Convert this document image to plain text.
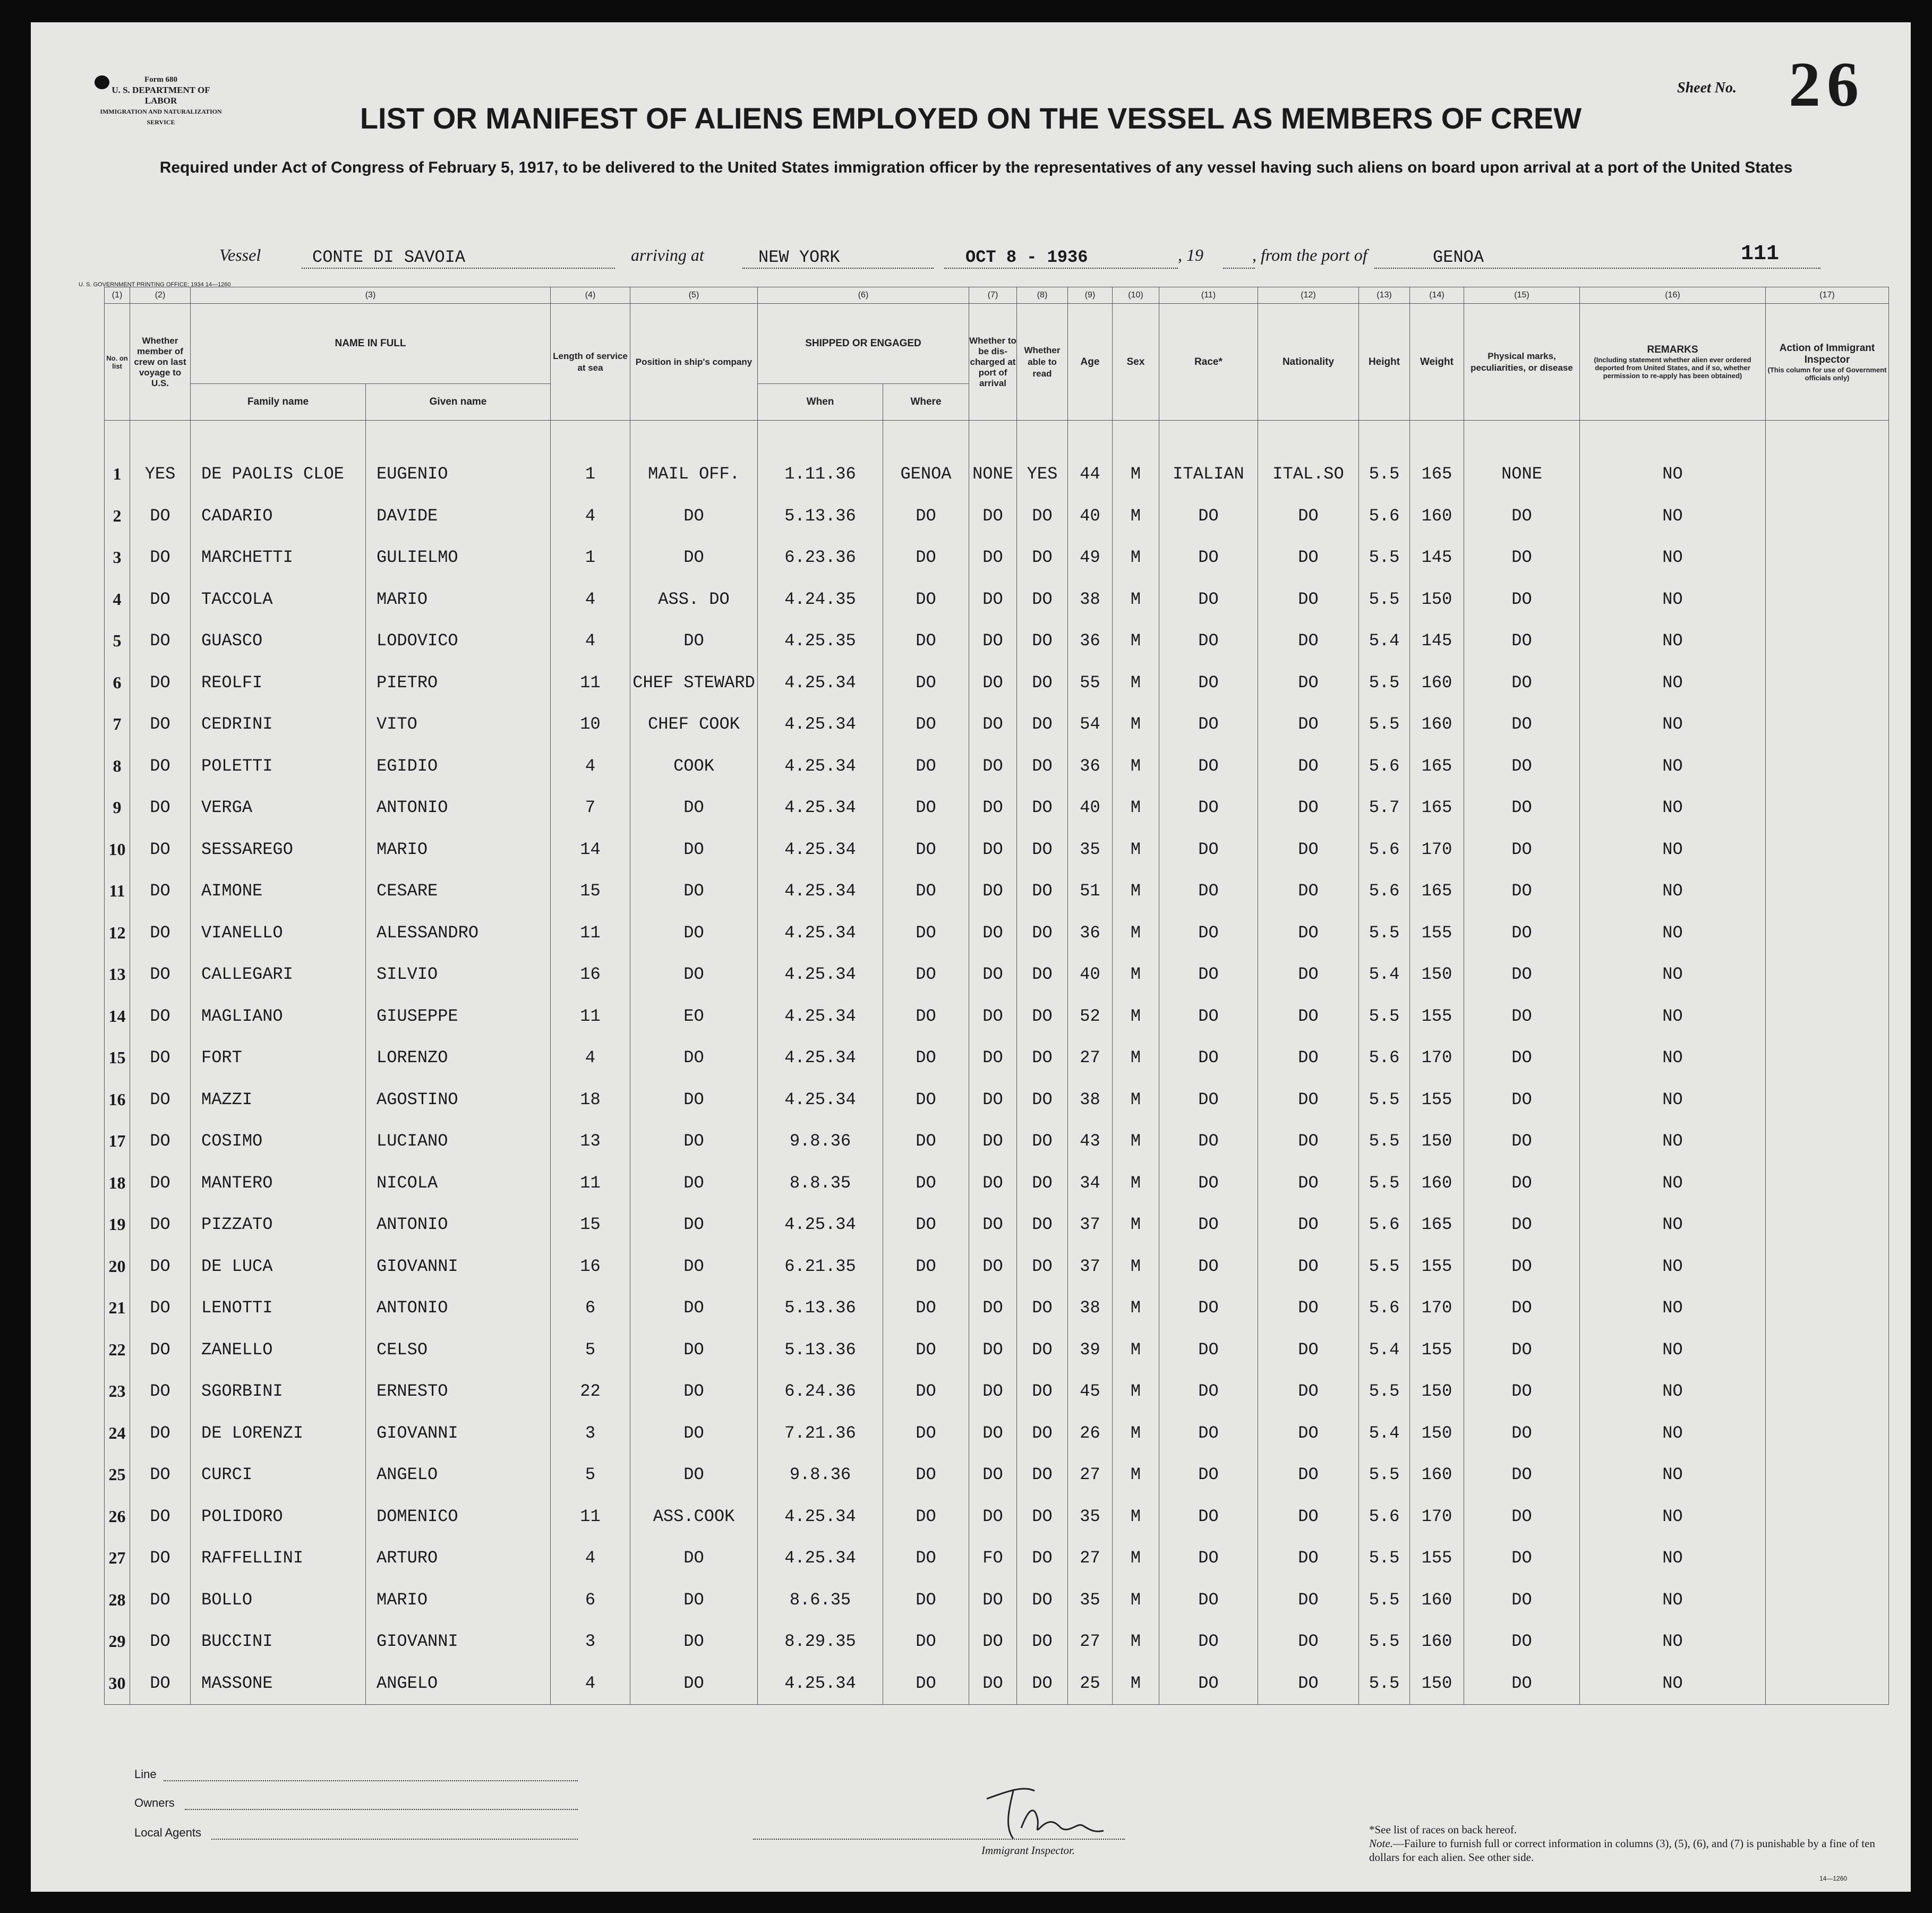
Form 680
U. S. DEPARTMENT OF LABOR
IMMIGRATION AND NATURALIZATION SERVICE
Sheet No. 26
LIST OR MANIFEST OF ALIENS EMPLOYED ON THE VESSEL AS MEMBERS OF CREW
Required under Act of Congress of February 5, 1917, to be delivered to the United States immigration officer by the representatives of any vessel having such aliens on board upon arrival at a port of the United States
Vessel	CONTE DI SAVOIA	arriving at	NEW YORK	OCT 8 - 1936	, 19	, from the port of	GENOA	111
U. S. GOVERNMENT PRINTING OFFICE: 1934 14—1260
(1)	(2)	(3)		(4)	(5)	(6)		(7)	(8)	(9)	(10)	(11)	(12)	(13)	(14)	(15)	(16)	(17)
No. on list	Whether member of crew on last voyage to U.S.	NAME IN FULL		Length of service at sea	Position in ship's company	SHIPPED OR ENGAGED		Whether to be dis-charged at port of arrival	Whether able to read	Age	Sex	Race*	Nationality	Height	Weight	Physical marks, peculiarities, or disease	REMARKS
(Including statement whether alien ever ordered deported from United States, and if so, whether permission to re-apply has been obtained)	Action of Immigrant Inspector
(This column for use of Government officials only)

		Family name	Given name			When	Where											
1	YES	DE PAOLIS CLOE	EUGENIO	1	MAIL OFF.	1.11.36	GENOA	NONE	YES	44	M	ITALIAN	ITAL.SO	5.5	165	NONE	NO	
2	DO	CADARIO	DAVIDE	4	DO	5.13.36	DO	DO	DO	40	M	DO	DO	5.6	160	DO	NO	
3	DO	MARCHETTI	GULIELMO	1	DO	6.23.36	DO	DO	DO	49	M	DO	DO	5.5	145	DO	NO	
4	DO	TACCOLA	MARIO	4	ASS. DO	4.24.35	DO	DO	DO	38	M	DO	DO	5.5	150	DO	NO	
5	DO	GUASCO	LODOVICO	4	DO	4.25.35	DO	DO	DO	36	M	DO	DO	5.4	145	DO	NO	
6	DO	REOLFI	PIETRO	11	CHEF STEWARD	4.25.34	DO	DO	DO	55	M	DO	DO	5.5	160	DO	NO	
7	DO	CEDRINI	VITO	10	CHEF COOK	4.25.34	DO	DO	DO	54	M	DO	DO	5.5	160	DO	NO	
8	DO	POLETTI	EGIDIO	4	COOK	4.25.34	DO	DO	DO	36	M	DO	DO	5.6	165	DO	NO	
9	DO	VERGA	ANTONIO	7	DO	4.25.34	DO	DO	DO	40	M	DO	DO	5.7	165	DO	NO	
10	DO	SESSAREGO	MARIO	14	DO	4.25.34	DO	DO	DO	35	M	DO	DO	5.6	170	DO	NO	
11	DO	AIMONE	CESARE	15	DO	4.25.34	DO	DO	DO	51	M	DO	DO	5.6	165	DO	NO	
12	DO	VIANELLO	ALESSANDRO	11	DO	4.25.34	DO	DO	DO	36	M	DO	DO	5.5	155	DO	NO	
13	DO	CALLEGARI	SILVIO	16	DO	4.25.34	DO	DO	DO	40	M	DO	DO	5.4	150	DO	NO	
14	DO	MAGLIANO	GIUSEPPE	11	EO	4.25.34	DO	DO	DO	52	M	DO	DO	5.5	155	DO	NO	
15	DO	FORT	LORENZO	4	DO	4.25.34	DO	DO	DO	27	M	DO	DO	5.6	170	DO	NO	
16	DO	MAZZI	AGOSTINO	18	DO	4.25.34	DO	DO	DO	38	M	DO	DO	5.5	155	DO	NO	
17	DO	COSIMO	LUCIANO	13	DO	9.8.36	DO	DO	DO	43	M	DO	DO	5.5	150	DO	NO	
18	DO	MANTERO	NICOLA	11	DO	8.8.35	DO	DO	DO	34	M	DO	DO	5.5	160	DO	NO	
19	DO	PIZZATO	ANTONIO	15	DO	4.25.34	DO	DO	DO	37	M	DO	DO	5.6	165	DO	NO	
20	DO	DE LUCA	GIOVANNI	16	DO	6.21.35	DO	DO	DO	37	M	DO	DO	5.5	155	DO	NO	
21	DO	LENOTTI	ANTONIO	6	DO	5.13.36	DO	DO	DO	38	M	DO	DO	5.6	170	DO	NO	
22	DO	ZANELLO	CELSO	5	DO	5.13.36	DO	DO	DO	39	M	DO	DO	5.4	155	DO	NO	
23	DO	SGORBINI	ERNESTO	22	DO	6.24.36	DO	DO	DO	45	M	DO	DO	5.5	150	DO	NO	
24	DO	DE LORENZI	GIOVANNI	3	DO	7.21.36	DO	DO	DO	26	M	DO	DO	5.4	150	DO	NO	
25	DO	CURCI	ANGELO	5	DO	9.8.36	DO	DO	DO	27	M	DO	DO	5.5	160	DO	NO	
26	DO	POLIDORO	DOMENICO	11	ASS.COOK	4.25.34	DO	DO	DO	35	M	DO	DO	5.6	170	DO	NO	
27	DO	RAFFELLINI	ARTURO	4	DO	4.25.34	DO	FO	DO	27	M	DO	DO	5.5	155	DO	NO	
28	DO	BOLLO	MARIO	6	DO	8.6.35	DO	DO	DO	35	M	DO	DO	5.5	160	DO	NO	
29	DO	BUCCINI	GIOVANNI	3	DO	8.29.35	DO	DO	DO	27	M	DO	DO	5.5	160	DO	NO	
30	DO	MASSONE	ANGELO	4	DO	4.25.34	DO	DO	DO	25	M	DO	DO	5.5	150	DO	NO	
Line
Owners
Local Agents
Immigrant Inspector.
*See list of races on back hereof.
Note.—Failure to furnish full or correct information in columns (3), (5), (6), and (7) is punishable by a fine of ten dollars for each alien. See other side.
14—1260
